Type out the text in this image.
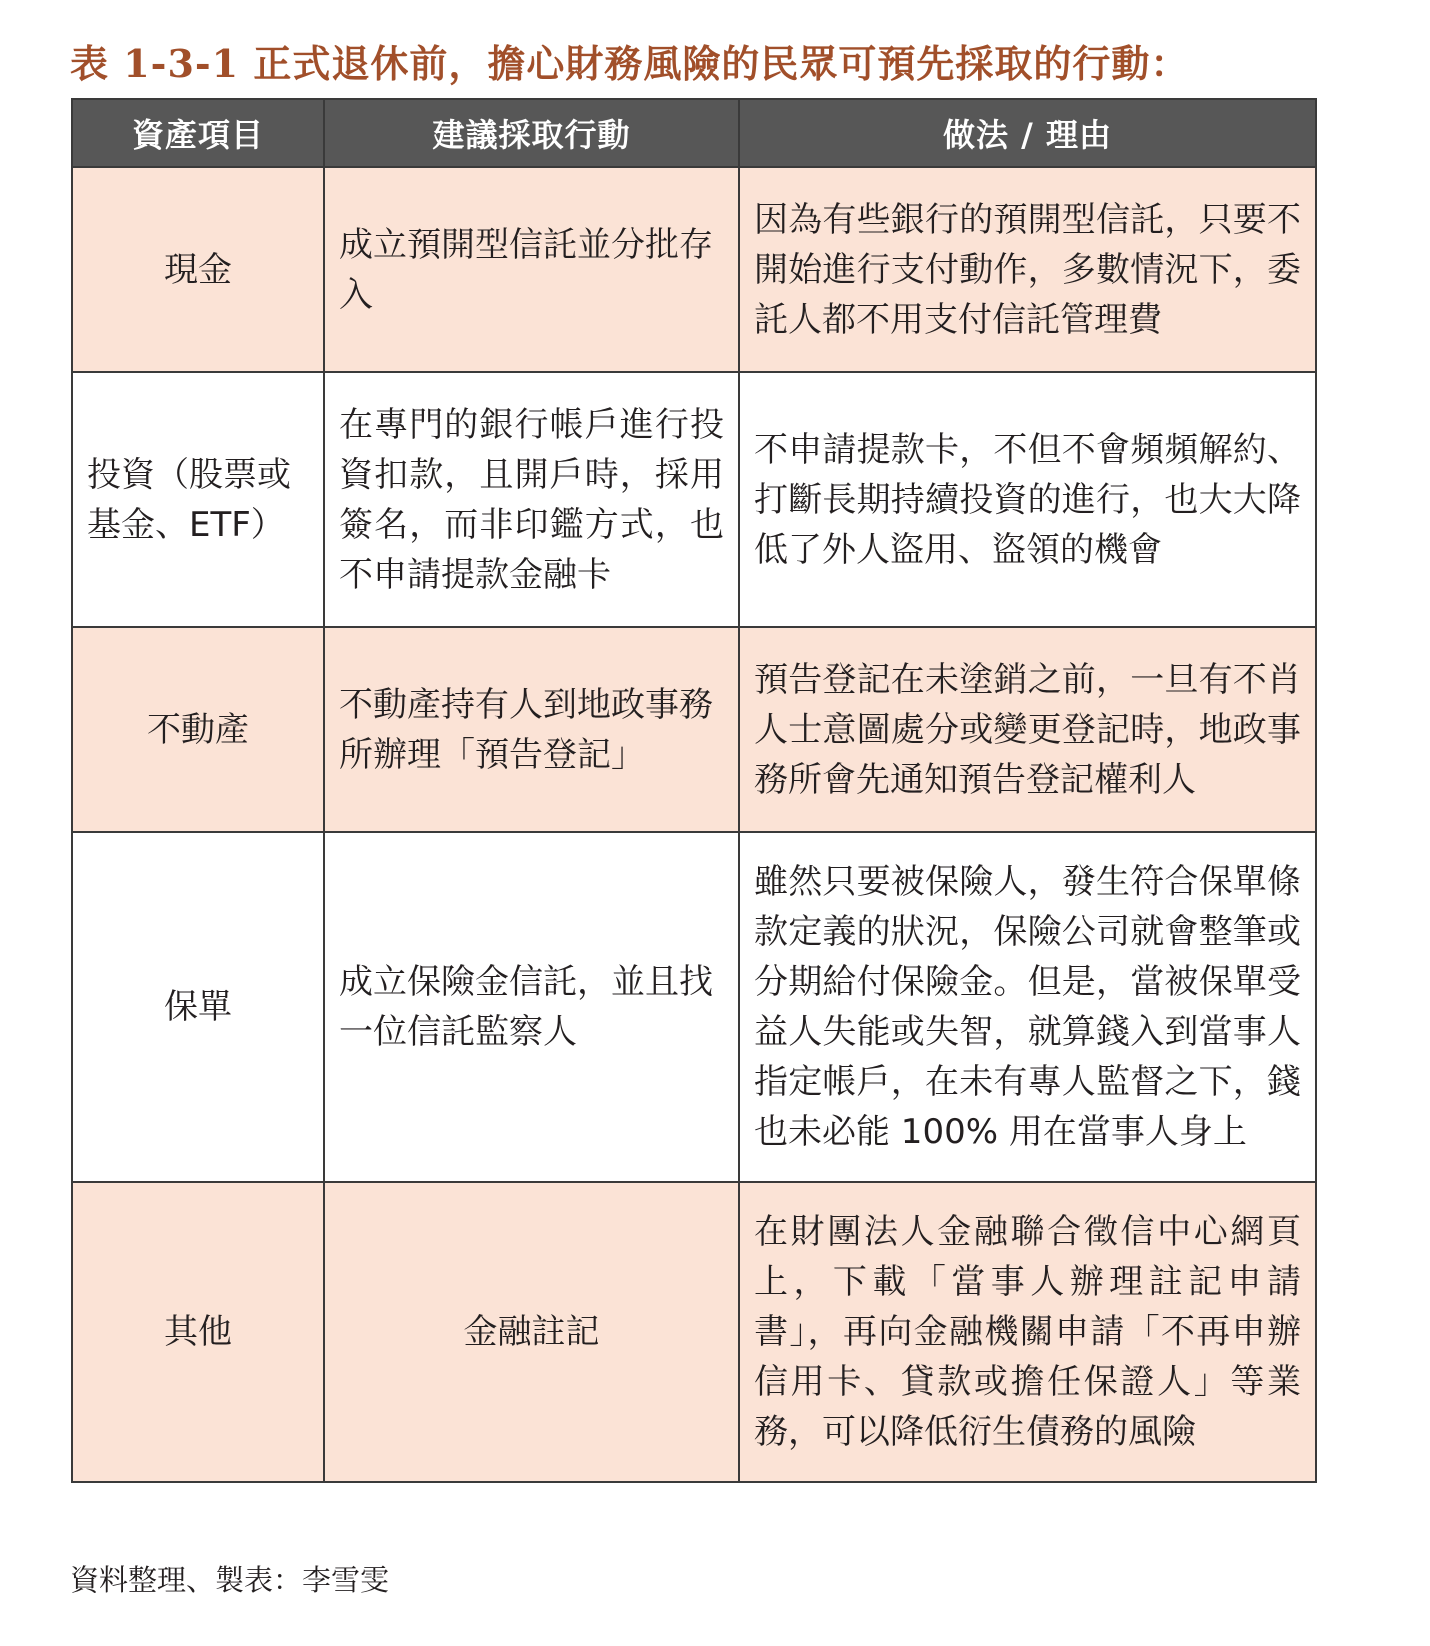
表 1-3-1 正式退休前，擔心財務風險的民眾可預先採取的行動：
資產項目	建議採取行動	做法 / 理由
現金	成立預開型信託並分批存入	因為有些銀行的預開型信託，只要不開始進行支付動作，多數情況下，委託人都不用支付信託管理費
投資（股票或基金、ETF）	在專門的銀行帳戶進行投資扣款，且開戶時，採用簽名，而非印鑑方式，也不申請提款金融卡	不申請提款卡，不但不會頻頻解約、打斷長期持續投資的進行，也大大降低了外人盜用、盜領的機會
不動產	不動產持有人到地政事務所辦理「預告登記」	預告登記在未塗銷之前，一旦有不肖人士意圖處分或變更登記時，地政事務所會先通知預告登記權利人
保單	成立保險金信託，並且找一位信託監察人	雖然只要被保險人，發生符合保單條款定義的狀況，保險公司就會整筆或分期給付保險金。但是，當被保單受益人失能或失智，就算錢入到當事人指定帳戶，在未有專人監督之下，錢也未必能 100% 用在當事人身上
其他	金融註記	在財團法人金融聯合徵信中心網頁上，下載「當事人辦理註記申請書」，再向金融機關申請「不再申辦信用卡、貸款或擔任保證人」等業務，可以降低衍生債務的風險
資料整理、製表：李雪雯
